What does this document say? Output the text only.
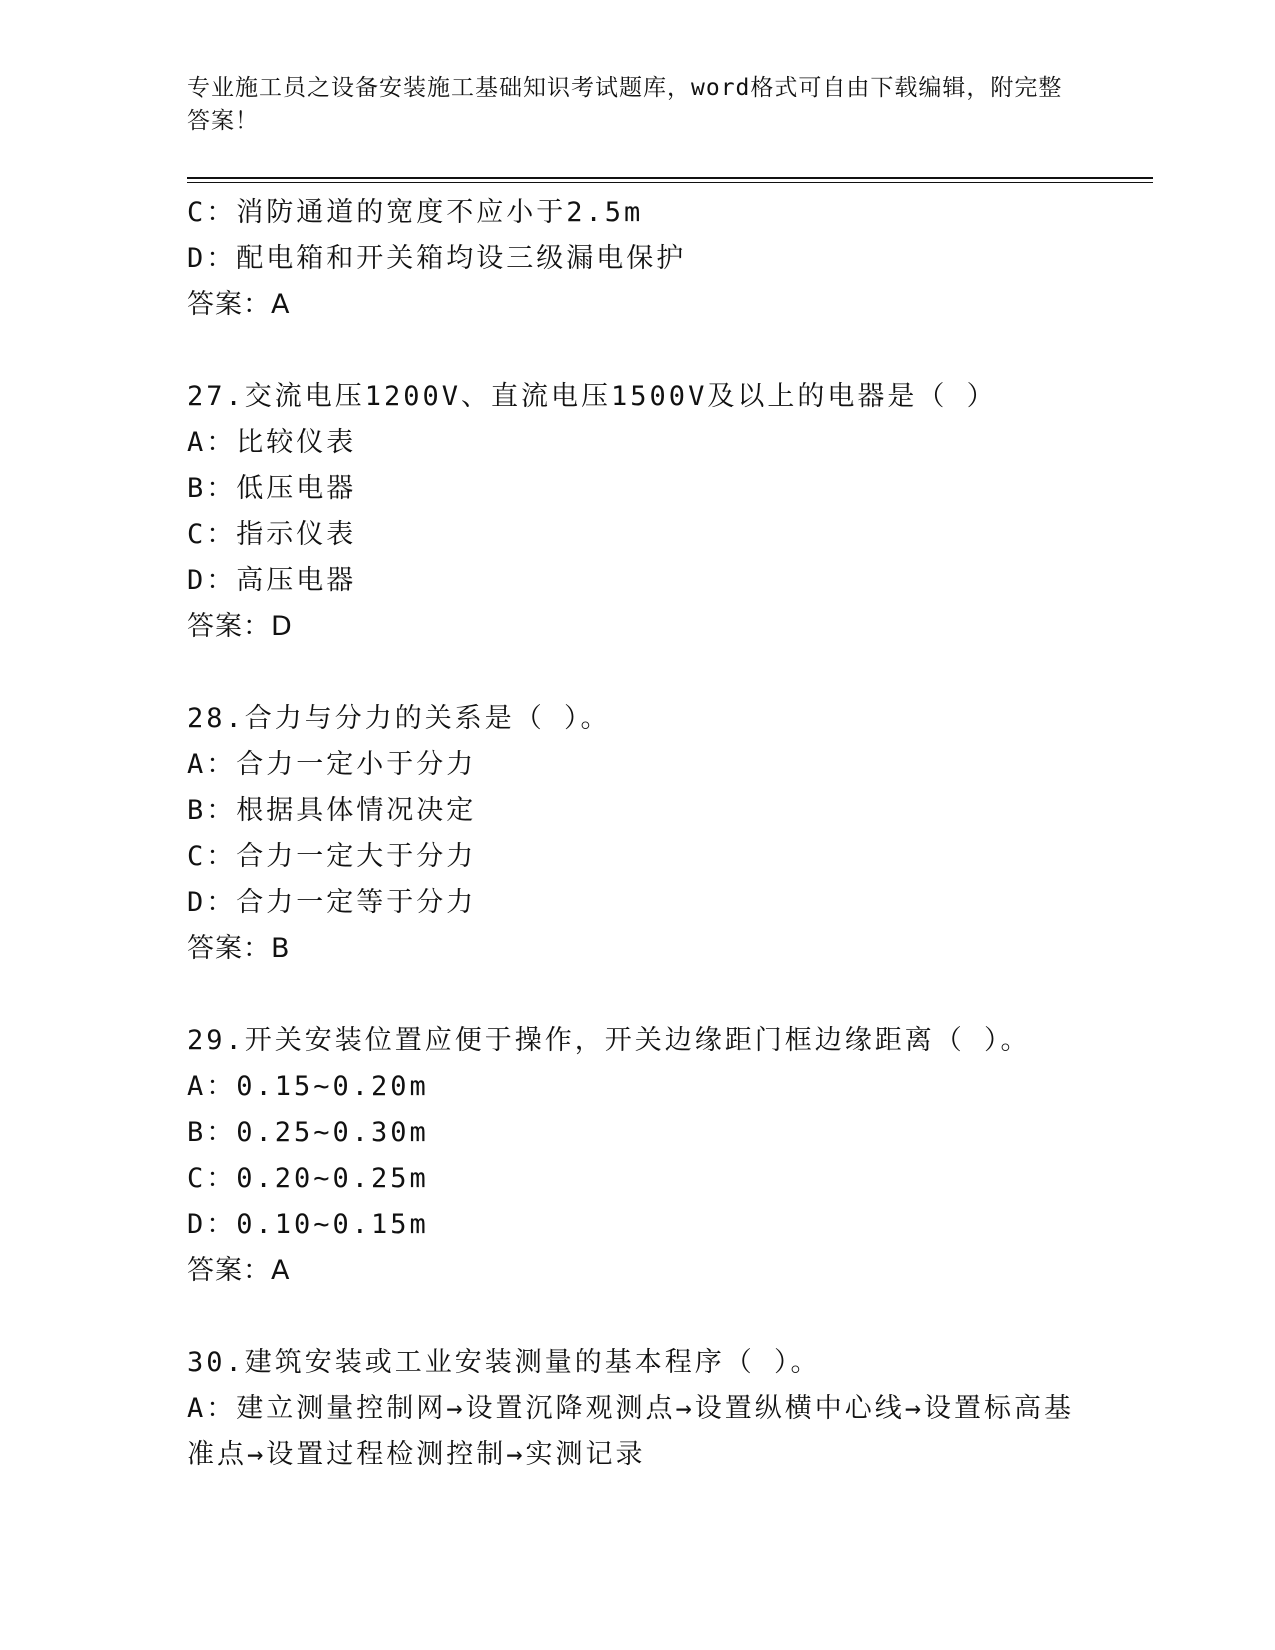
专业施工员之设备安装施工基础知识考试题库，word格式可自由下载编辑，附完整答案！
C：消防通道的宽度不应小于2.5m
D：配电箱和开关箱均设三级漏电保护
答案：A
27.交流电压1200V、直流电压1500V及以上的电器是（ ）
A：比较仪表
B：低压电器
C：指示仪表
D：高压电器
答案：D
28.合力与分力的关系是（ ）。
A：合力一定小于分力
B：根据具体情况决定
C：合力一定大于分力
D：合力一定等于分力
答案：B
29.开关安装位置应便于操作，开关边缘距门框边缘距离（ ）。
A：0.15~0.20m
B：0.25~0.30m
C：0.20~0.25m
D：0.10~0.15m
答案：A
30.建筑安装或工业安装测量的基本程序（ ）。
A：建立测量控制网→设置沉降观测点→设置纵横中心线→设置标高基准点→设置过程检测控制→实测记录
